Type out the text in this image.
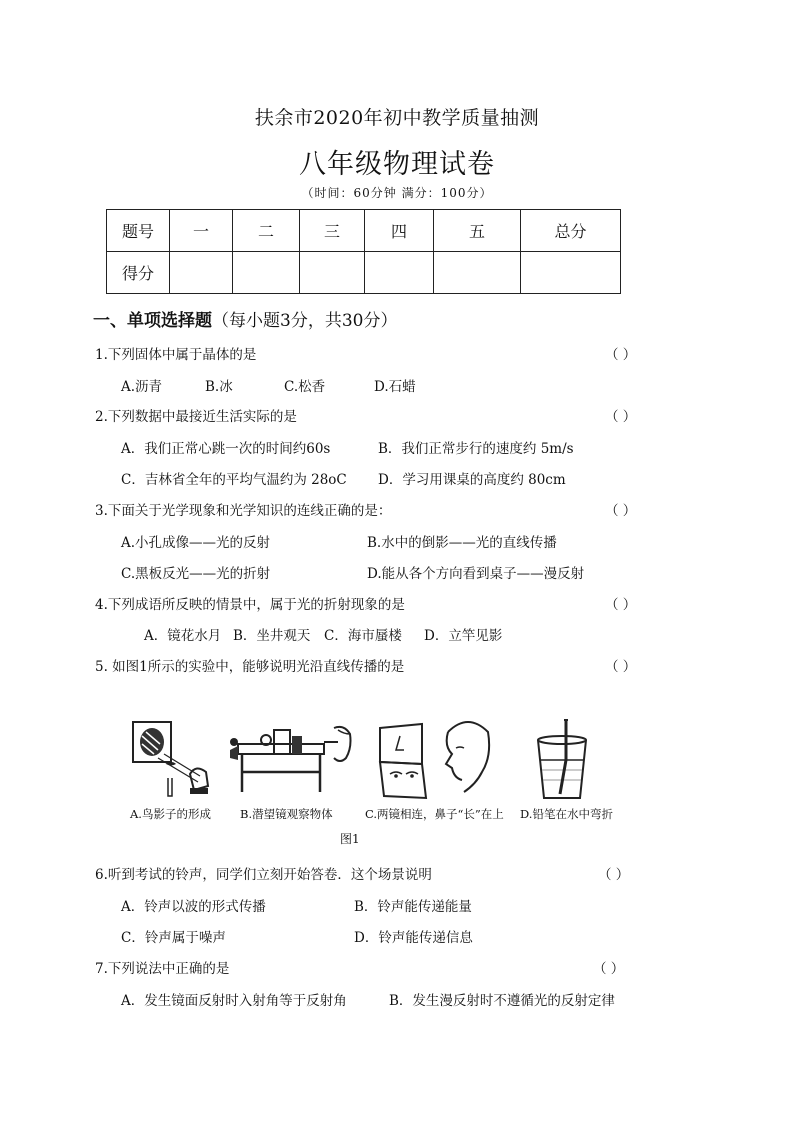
扶余市2020年初中教学质量抽测
八年级物理试卷
（时间：60分钟 满分：100分）
题号	一	二	三	四	五	总分
得分						
一、单项选择题（每小题3分，共30分）
1.下列固体中属于晶体的是	（ ）
A.沥青	B.冰	C.松香	D.石蜡
2.下列数据中最接近生活实际的是	（ ）
A．我们正常心跳一次的时间约60s	B．我们正常步行的速度约 5m/s
C．吉林省全年的平均气温约为 28oC D．学习用课桌的高度约 80cm
3.下面关于光学现象和光学知识的连线正确的是：	（ ）
A.小孔成像——光的反射	B.水中的倒影——光的直线传播
C.黑板反光——光的折射	D.能从各个方向看到桌子——漫反射
4.下列成语所反映的情景中，属于光的折射现象的是	（ ）
A．镜花水月 B．坐井观天 C．海市蜃楼 D．立竿见影
5. 如图1所示的实验中，能够说明光沿直线传播的是	（ ）
A.鸟影子的形成	B.潜望镜观察物体	C.两镜相连，鼻子“长”在上 D.铅笔在水中弯折
图1
6.听到考试的铃声，同学们立刻开始答卷．这个场景说明	（ ）
A．铃声以波的形式传播	B．铃声能传递能量
C．铃声属于噪声	D．铃声能传递信息
7.下列说法中正确的是	（ ）
A．发生镜面反射时入射角等于反射角	B．发生漫反射时不遵循光的反射定律
